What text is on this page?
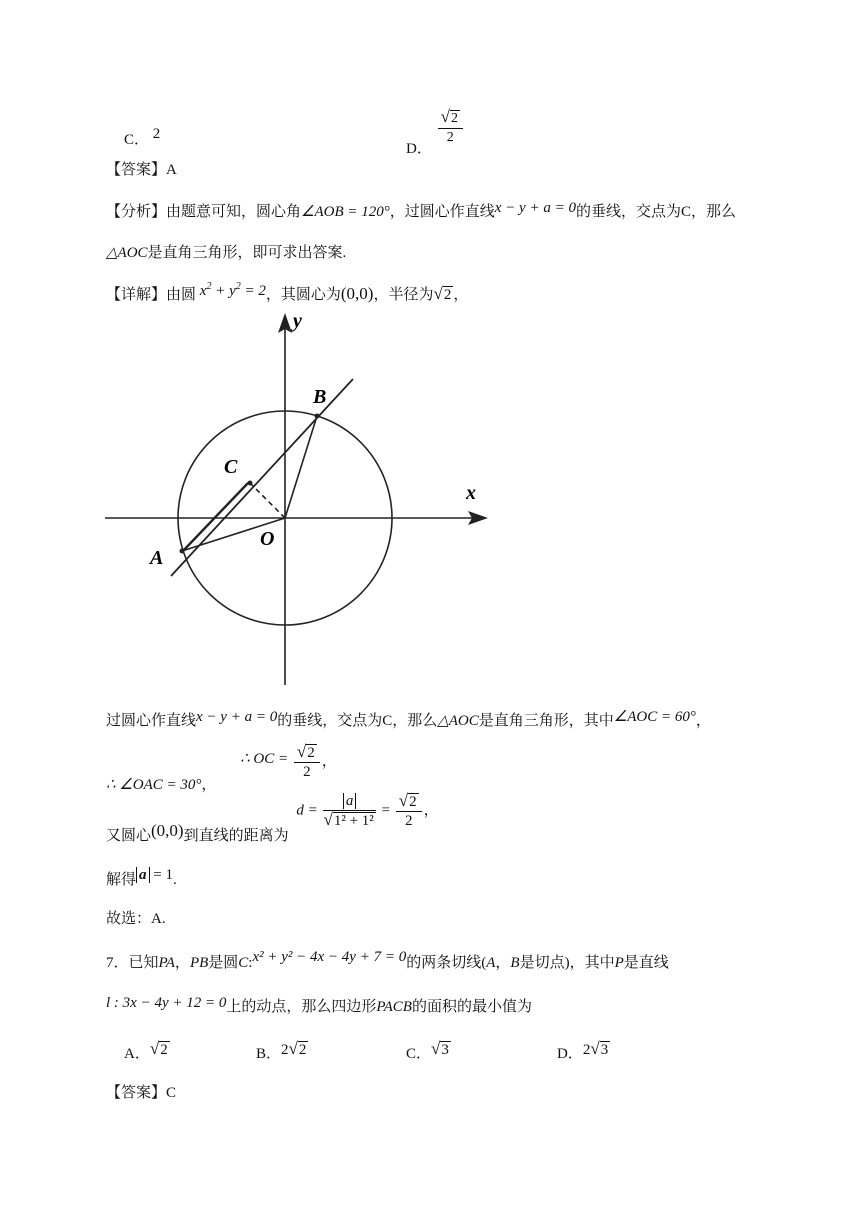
C． 2
D．
$\frac{√2}{2}$
【答案】A
【分析】由题意可知，圆心角∠AOB = 120°，过圆心作直线x − y + a = 0的垂线，交点为C，那么
△AOC是直角三角形，即可求出答案.
【详解】由圆 $x^2 + y^2 = 2$，其圆心为(0,0)，半径为√2 ，
y
x
B
C
A
O
过圆心作直线x − y + a = 0的垂线，交点为C，那么△AOC是直角三角形，其中∠AOC = 60°，
∴ ∠OAC = 30°， ∴ OC = $\frac{√2}{2}$ ，
又圆心(0,0)到直线的距离为 $d = \frac{a}{\text{√1² + 1²}} = \frac{√2}{2}$ ，
解得 a = 1.
故选：A.
7．已知PA，PB是圆C:x² + y² − 4x − 4y + 7 = 0的两条切线(A，B是切点)，其中P是直线
l : 3x − 4y + 12 = 0上的动点，那么四边形PACB的面积的最小值为
A．√2	B．2√2	C．√3	D．2√3
【答案】C
